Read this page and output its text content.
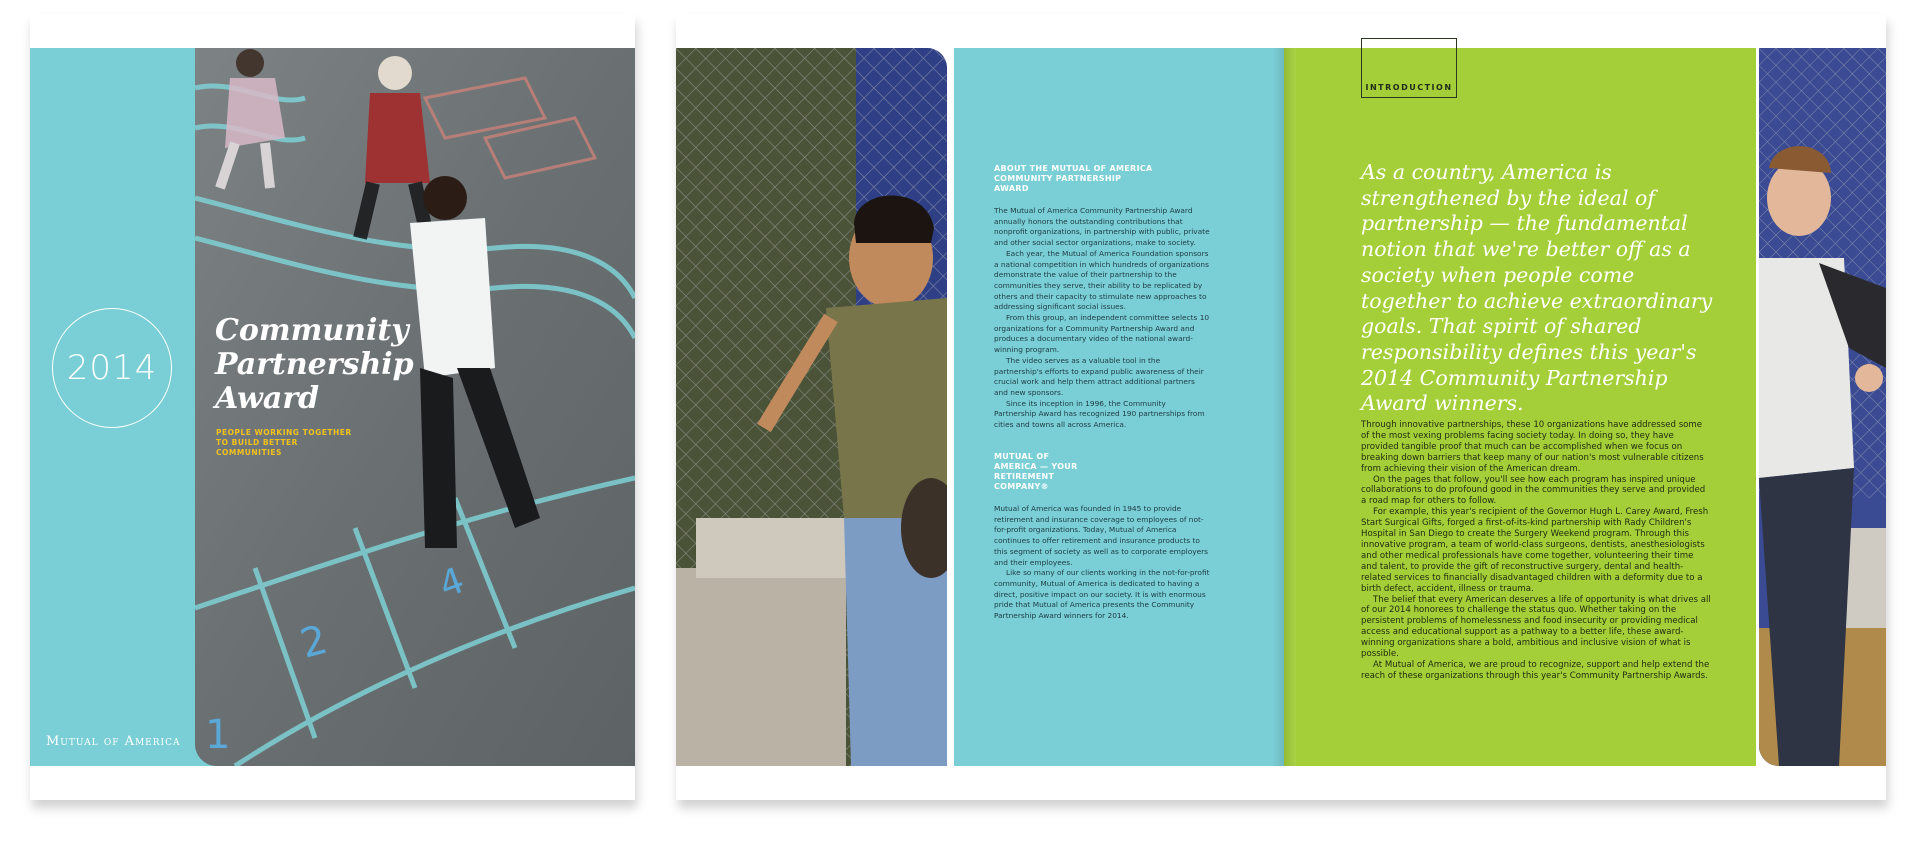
2
4
1
2014
Community
Partnership
Award
PEOPLE WORKING TOGETHER TO BUILD BETTER COMMUNITIES
Mutual of America
ABOUT THE MUTUAL OF AMERICA COMMUNITY PARTNERSHIP AWARD

The Mutual of America Community Partnership Award annually honors the outstanding contributions that nonprofit organizations, in partnership with public, private and other social sector organizations, make to society.

Each year, the Mutual of America Foundation sponsors a national competition in which hundreds of organizations demonstrate the value of their partnership to the communities they serve, their ability to be replicated by others and their capacity to stimulate new approaches to addressing significant social issues.

From this group, an independent committee selects 10 organizations for a Community Partnership Award and produces a documentary video of the national award-winning program.

The video serves as a valuable tool in the partnership's efforts to expand public awareness of their crucial work and help them attract additional partners and new sponsors.

Since its inception in 1996, the Community Partnership Award has recognized 190 partnerships from cities and towns all across America.

MUTUAL OF AMERICA — YOUR RETIREMENT COMPANY®

Mutual of America was founded in 1945 to provide retirement and insurance coverage to employees of not-for-profit organizations. Today, Mutual of America continues to offer retirement and insurance products to this segment of society as well as to corporate employers and their employees.

Like so many of our clients working in the not-for-profit community, Mutual of America is dedicated to having a direct, positive impact on our society. It is with enormous pride that Mutual of America presents the Community Partnership Award winners for 2014.

INTRODUCTION
As a country, America is strengthened by the ideal of partnership — the fundamental notion that we're better off as a society when people come together to achieve extraordinary goals. That spirit of shared responsibility defines this year's 2014 Community Partnership Award winners.

Through innovative partnerships, these 10 organizations have addressed some of the most vexing problems facing society today. In doing so, they have provided tangible proof that much can be accomplished when we focus on breaking down barriers that keep many of our nation's most vulnerable citizens from achieving their vision of the American dream.

On the pages that follow, you'll see how each program has inspired unique collaborations to do profound good in the communities they serve and provided a road map for others to follow.

For example, this year's recipient of the Governor Hugh L. Carey Award, Fresh Start Surgical Gifts, forged a first-of-its-kind partnership with Rady Children's Hospital in San Diego to create the Surgery Weekend program. Through this innovative program, a team of world-class surgeons, dentists, anesthesiologists and other medical professionals have come together, volunteering their time and talent, to provide the gift of reconstructive surgery, dental and health-related services to financially disadvantaged children with a deformity due to a birth defect, accident, illness or trauma.

The belief that every American deserves a life of opportunity is what drives all of our 2014 honorees to challenge the status quo. Whether taking on the persistent problems of homelessness and food insecurity or providing medical access and educational support as a pathway to a better life, these award-winning organizations share a bold, ambitious and inclusive vision of what is possible.

At Mutual of America, we are proud to recognize, support and help extend the reach of these organizations through this year's Community Partnership Awards.
